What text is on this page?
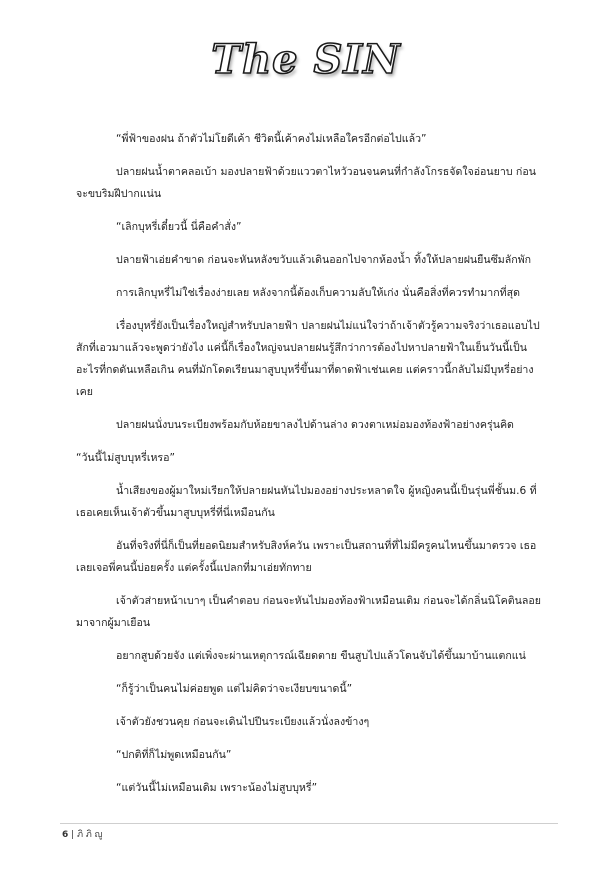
The SIN

“พี่ฟ้าของฝน ถ้าตัวไม่โยดีเค้า ชีวิตนี้เค้าคงไม่เหลือใครอีกต่อไปแล้ว”

ปลายฝนน้ำตาคลอเบ้า มองปลายฟ้าด้วยแววตาไหวัวอนจนคนที่กำลังโกรธจัดใจอ่อนยาบ ก่อนจะขบริมฝีปากแน่น

“เลิกบุหรี่เดี๋ยวนี้ นี่คือคำสั่ง”

ปลายฟ้าเอ่ยคำขาด ก่อนจะหันหลังขวับแล้วเดินออกไปจากห้องน้ำ ทิ้งให้ปลายฝนยืนซึมลักพัก

การเลิกบุหรี่ไม่ใช่เรื่องง่ายเลย หลังจากนี้ต้องเก็บความลับให้เก่ง นั่นคือสิ่งที่ควรทำมากที่สุด

เรื่องบุหรี่ยังเป็นเรื่องใหญ่สำหรับปลายฟ้า ปลายฝนไม่แน่ใจว่าถ้าเจ้าตัวรู้ความจริงว่าเธอแอบไปสักที่เอวมาแล้วจะพูดว่ายังไง แค่นี้ก็เรื่องใหญ่จนปลายฝนรู้สึกว่าการต้องไปหาปลายฟ้าในเย็นวันนี้เป็นอะไรที่กดดันเหลือเกิน คนที่มักโดดเรียนมาสูบบุหรี่ขึ้นมาที่ดาดฟ้าเช่นเคย แต่คราวนี้กลับไม่มีบุหรี่อย่างเคย

ปลายฝนนั่งบนระเบียงพร้อมกับห้อยขาลงไปด้านล่าง ดวงตาเหม่อมองท้องฟ้าอย่างครุ่นคิด

“วันนี้ไม่สูบบุหรี่เหรอ”

น้ำเสียงของผู้มาใหม่เรียกให้ปลายฝนหันไปมองอย่างประหลาดใจ ผู้หญิงคนนี้เป็นรุ่นพี่ชั้นม.6 ที่เธอเคยเห็นเจ้าตัวขึ้นมาสูบบุหรี่ที่นี่เหมือนกัน

อันที่จริงที่นี่ก็เป็นที่ยอดนิยมสำหรับสิงห์ควัน เพราะเป็นสถานที่ที่ไม่มีครูคนไหนขึ้นมาตรวจ เธอเลยเจอพี่คนนี้บ่อยครั้ง แต่ครั้งนี้แปลกที่มาเอ่ยทักทาย

เจ้าตัวส่ายหน้าเบาๆ เป็นคำตอบ ก่อนจะหันไปมองท้องฟ้าเหมือนเดิม ก่อนจะได้กลิ่นนิโคตินลอยมาจากผู้มาเยือน

อยากสูบด้วยจัง แต่เพิ่งจะผ่านเหตุการณ์เฉียดตาย ขืนสูบไปแล้วโดนจับได้ขึ้นมาบ้านแตกแน่

“ก็รู้ว่าเป็นคนไม่ค่อยพูด แต่ไม่คิดว่าจะเงียบขนาดนี้”

เจ้าตัวยังชวนคุย ก่อนจะเดินไปปีนระเบียงแล้วนั่งลงข้างๆ

“ปกติที่ก็ไม่พูดเหมือนกัน”

“แต่วันนี้ไม่เหมือนเดิม เพราะน้องไม่สูบบุหรี่”

6 | ภิ ภิ ญู
